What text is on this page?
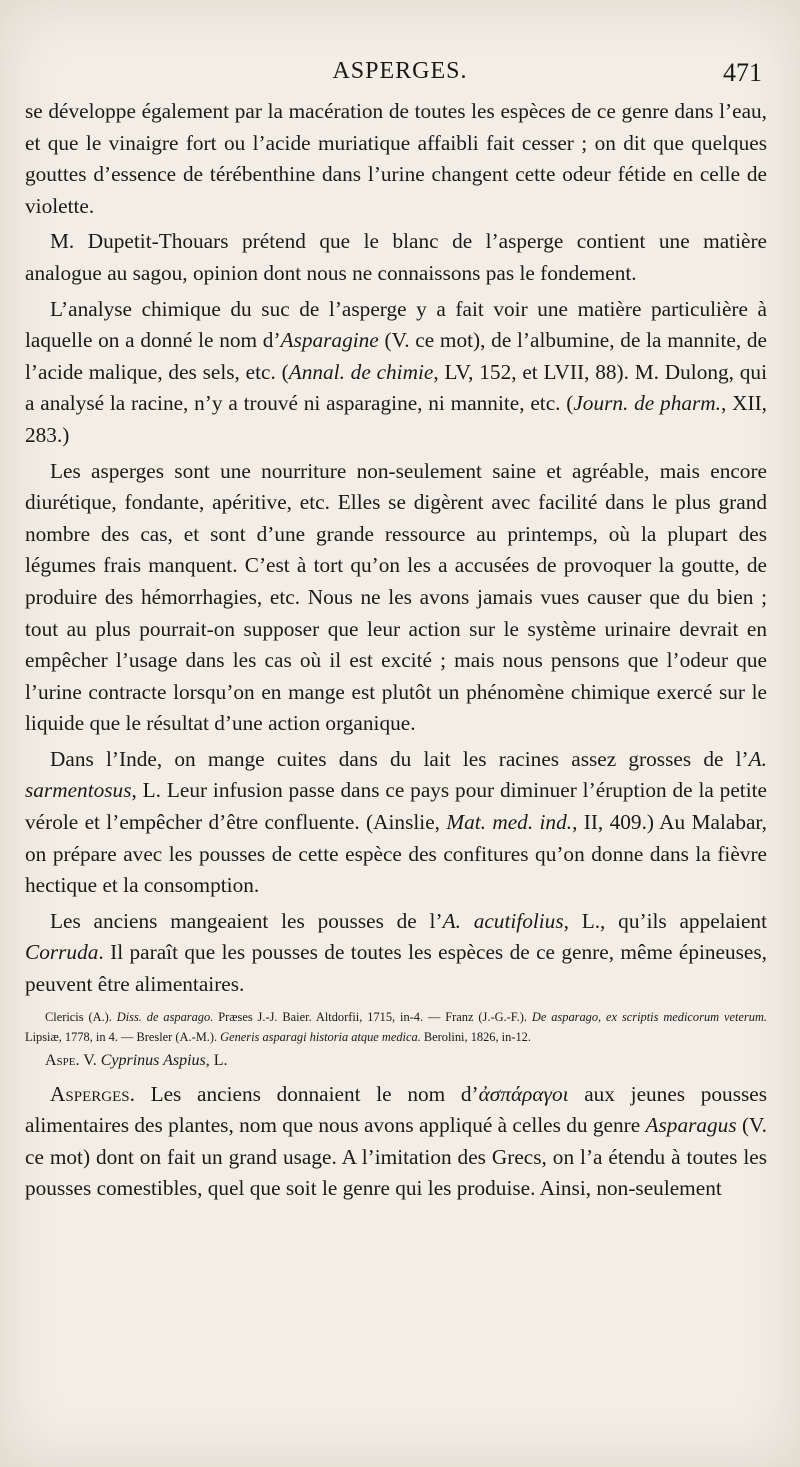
ASPERGES.	471

se développe également par la macération de toutes les espèces de ce genre dans l’eau, et que le vinaigre fort ou l’acide muriatique affaibli fait cesser ; on dit que quelques gouttes d’essence de térébenthine dans l’urine changent cette odeur fétide en celle de violette.

M. Dupetit-Thouars prétend que le blanc de l’asperge contient une matière analogue au sagou, opinion dont nous ne connaissons pas le fondement.

L’analyse chimique du suc de l’asperge y a fait voir une matière particulière à laquelle on a donné le nom d’Asparagine (V. ce mot), de l’albumine, de la mannite, de l’acide malique, des sels, etc. (Annal. de chimie, LV, 152, et LVII, 88). M. Dulong, qui a analysé la racine, n’y a trouvé ni asparagine, ni mannite, etc. (Journ. de pharm., XII, 283.)

Les asperges sont une nourriture non-seulement saine et agréable, mais encore diurétique, fondante, apéritive, etc. Elles se digèrent avec facilité dans le plus grand nombre des cas, et sont d’une grande ressource au printemps, où la plupart des légumes frais manquent. C’est à tort qu’on les a accusées de provoquer la goutte, de produire des hémorrhagies, etc. Nous ne les avons jamais vues causer que du bien ; tout au plus pourrait-on supposer que leur action sur le système urinaire devrait en empêcher l’usage dans les cas où il est excité ; mais nous pensons que l’odeur que l’urine contracte lorsqu’on en mange est plutôt un phénomène chimique exercé sur le liquide que le résultat d’une action organique.

Dans l’Inde, on mange cuites dans du lait les racines assez grosses de l’A. sarmentosus, L. Leur infusion passe dans ce pays pour diminuer l’éruption de la petite vérole et l’empêcher d’être confluente. (Ainslie, Mat. med. ind., II, 409.) Au Malabar, on prépare avec les pousses de cette espèce des confitures qu’on donne dans la fièvre hectique et la consomption.

Les anciens mangeaient les pousses de l’A. acutifolius, L., qu’ils appelaient Corruda. Il paraît que les pousses de toutes les espèces de ce genre, même épineuses, peuvent être alimentaires.

Clericis (A.). Diss. de asparago. Præses J.-J. Baier. Altdorfii, 1715, in-4. — Franz (J.-G.-F.). De asparago, ex scriptis medicorum veterum. Lipsiæ, 1778, in 4. — Bresler (A.-M.). Generis asparagi historia atque medica. Berolini, 1826, in-12.

Aspe. V. Cyprinus Aspius, L.

Asperges. Les anciens donnaient le nom d’ἀσπάραγοι aux jeunes pousses alimentaires des plantes, nom que nous avons appliqué à celles du genre Asparagus (V. ce mot) dont on fait un grand usage. A l’imitation des Grecs, on l’a étendu à toutes les pousses comestibles, quel que soit le genre qui les produise. Ainsi, non-seulement
